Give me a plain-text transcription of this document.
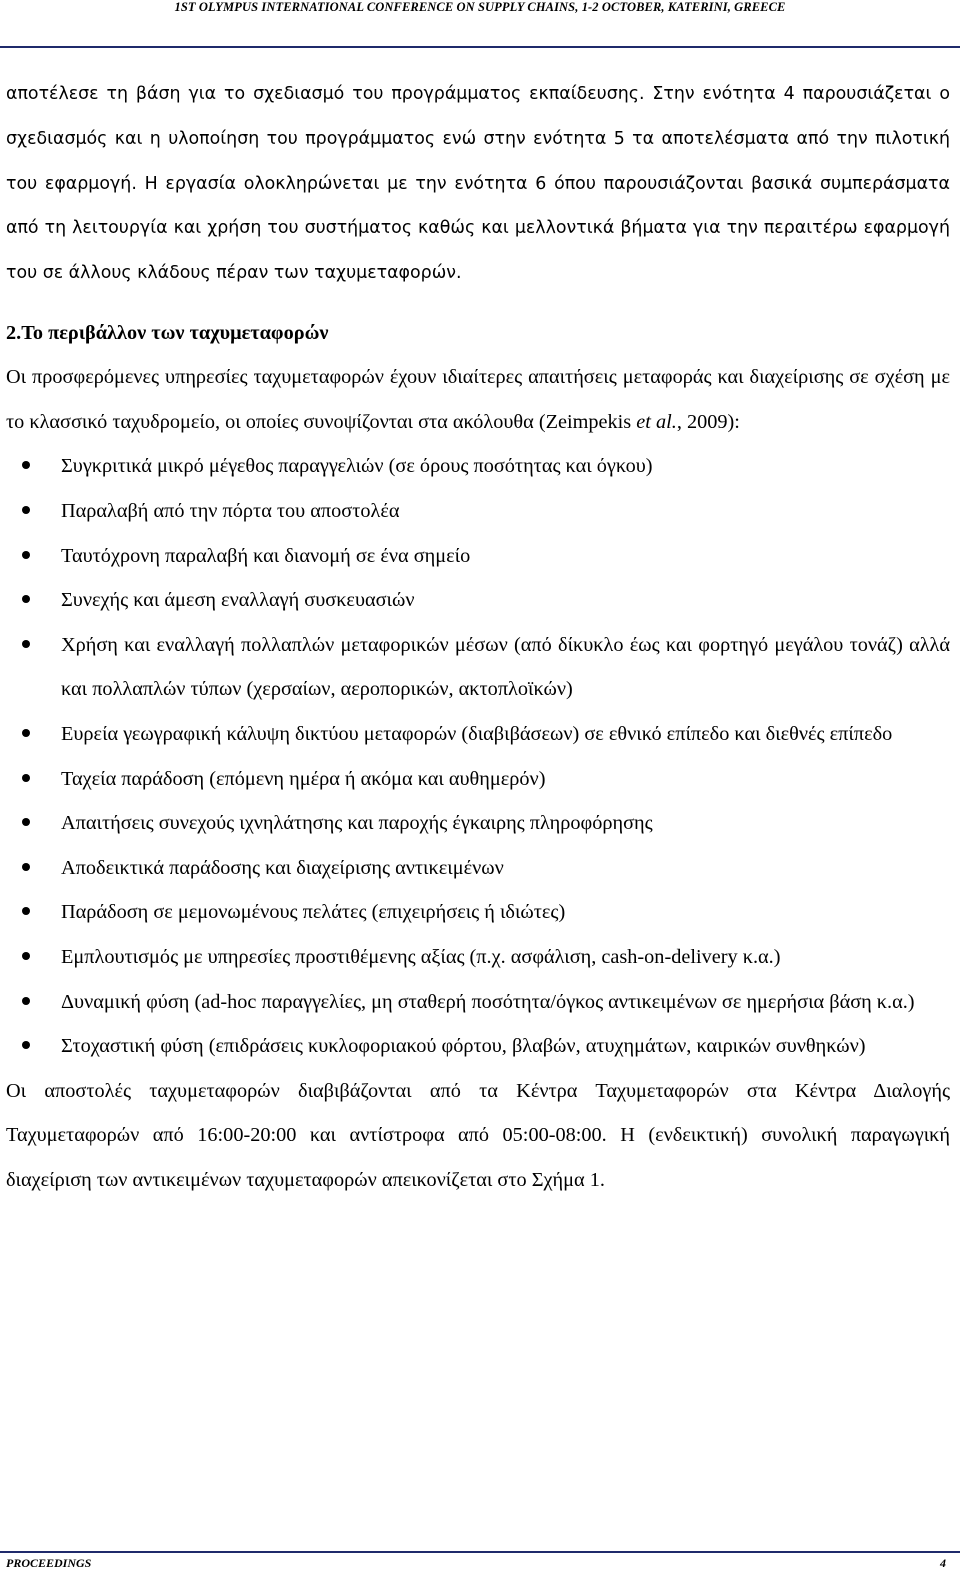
1ST OLYMPUS INTERNATIONAL CONFERENCE ON SUPPLY CHAINS, 1-2 OCTOBER, KATERINI, GREECE

αποτέλεσε τη βάση για το σχεδιασμό του προγράμματος εκπαίδευσης. Στην ενότητα 4 παρουσιάζεται ο σχεδιασμός και η υλοποίηση του προγράμματος ενώ στην ενότητα 5 τα αποτελέσματα από την πιλοτική του εφαρμογή. Η εργασία ολοκληρώνεται με την ενότητα 6 όπου παρουσιάζονται βασικά συμπεράσματα από τη λειτουργία και χρήση του συστήματος καθώς και μελλοντικά βήματα για την περαιτέρω εφαρμογή του σε άλλους κλάδους πέραν των ταχυμεταφορών.

2.Το περιβάλλον των ταχυμεταφορών

Οι προσφερόμενες υπηρεσίες ταχυμεταφορών έχουν ιδιαίτερες απαιτήσεις μεταφοράς και διαχείρισης σε σχέση με το κλασσικό ταχυδρομείο, οι οποίες συνοψίζονται στα ακόλουθα (Zeimpekis et al., 2009):

Συγκριτικά μικρό μέγεθος παραγγελιών (σε όρους ποσότητας και όγκου)
Παραλαβή από την πόρτα του αποστολέα
Ταυτόχρονη παραλαβή και διανομή σε ένα σημείο
Συνεχής και άμεση εναλλαγή συσκευασιών
Χρήση και εναλλαγή πολλαπλών μεταφορικών μέσων (από δίκυκλο έως και φορτηγό μεγάλου τονάζ) αλλά και πολλαπλών τύπων (χερσαίων, αεροπορικών, ακτοπλοϊκών)
Ευρεία γεωγραφική κάλυψη δικτύου μεταφορών (διαβιβάσεων) σε εθνικό επίπεδο και διεθνές επίπεδο
Ταχεία παράδοση (επόμενη ημέρα ή ακόμα και αυθημερόν)
Απαιτήσεις συνεχούς ιχνηλάτησης και παροχής έγκαιρης πληροφόρησης
Αποδεικτικά παράδοσης και διαχείρισης αντικειμένων
Παράδοση σε μεμονωμένους πελάτες (επιχειρήσεις ή ιδιώτες)
Εμπλουτισμός με υπηρεσίες προστιθέμενης αξίας (π.χ. ασφάλιση, cash-on-delivery κ.α.)
Δυναμική φύση (ad-hoc παραγγελίες, μη σταθερή ποσότητα/όγκος αντικειμένων σε ημερήσια βάση κ.α.)
Στοχαστική φύση (επιδράσεις κυκλοφοριακού φόρτου, βλαβών, ατυχημάτων, καιρικών συνθηκών)

Οι αποστολές ταχυμεταφορών διαβιβάζονται από τα Κέντρα Ταχυμεταφορών στα Κέντρα Διαλογής Ταχυμεταφορών από 16:00-20:00 και αντίστροφα από 05:00-08:00. Η (ενδεικτική) συνολική παραγωγική διαχείριση των αντικειμένων ταχυμεταφορών απεικονίζεται στο Σχήμα 1.

PROCEEDINGS	4
